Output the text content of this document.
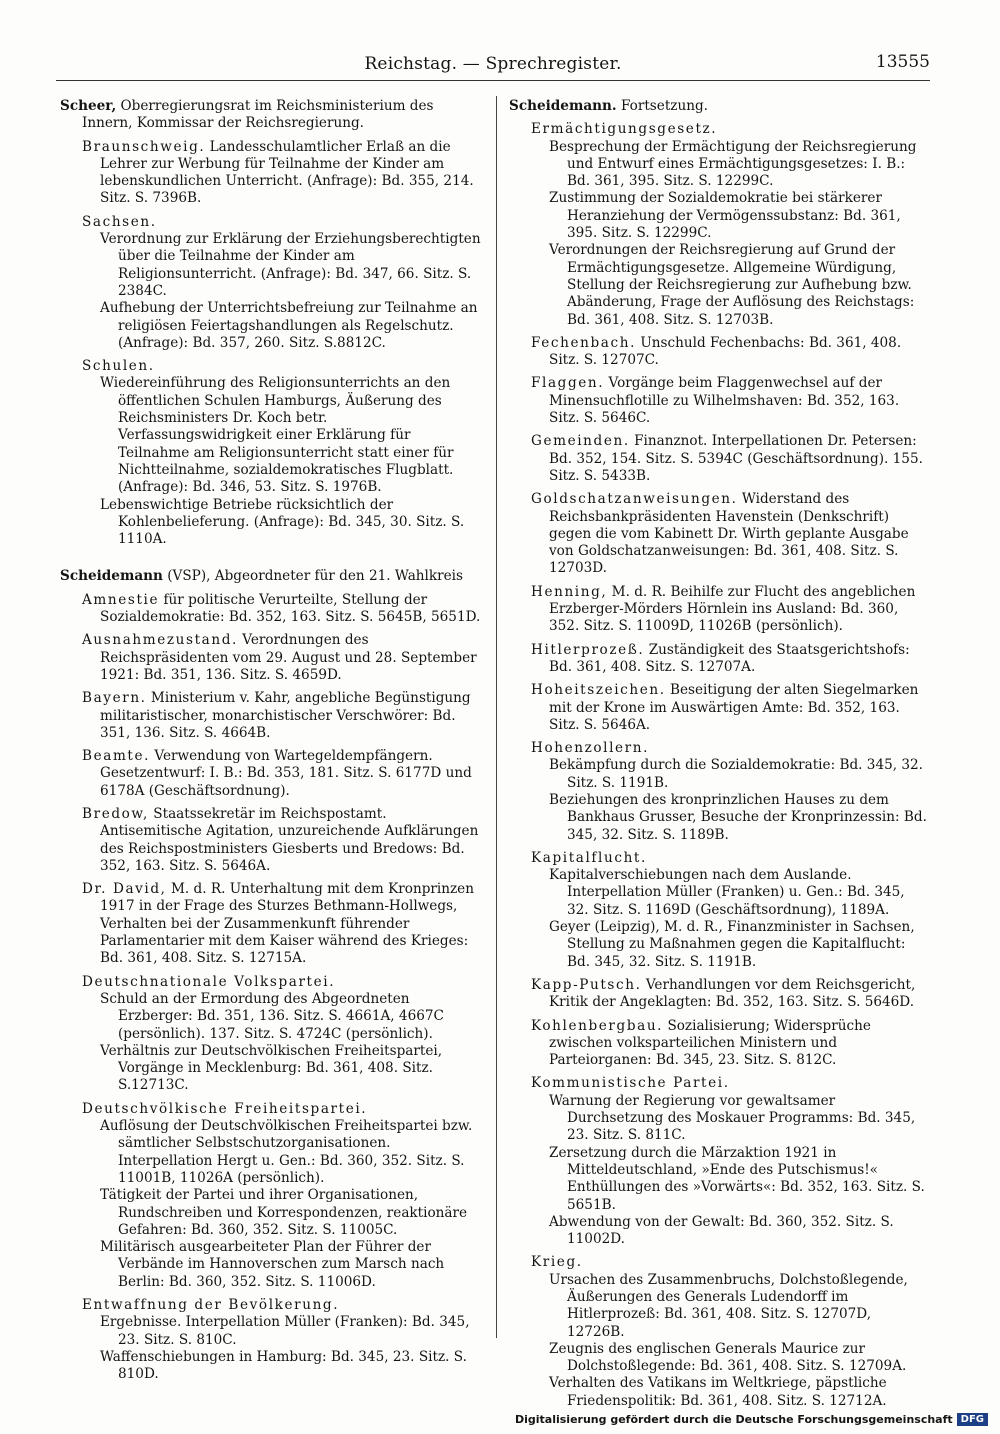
Reichstag. — Sprechregister.	13555
Scheer, Oberregierungsrat im Reichsministerium des Innern, Kommissar der Reichsregierung.
Braunschweig. Landesschulamtlicher Erlaß an die Lehrer zur Werbung für Teilnahme der Kinder am lebenskundlichen Unterricht. (Anfrage): Bd. 355, 214. Sitz. S. 7396B.
Sachsen.
Verordnung zur Erklärung der Erziehungsberechtigten über die Teilnahme der Kinder am Religionsunterricht. (Anfrage): Bd. 347, 66. Sitz. S. 2384C.
Aufhebung der Unterrichtsbefreiung zur Teilnahme an religiösen Feiertagshandlungen als Regelschutz. (Anfrage): Bd. 357, 260. Sitz. S.8812C.
Schulen.
Wiedereinführung des Religionsunterrichts an den öffentlichen Schulen Hamburgs, Äußerung des Reichsministers Dr. Koch betr. Verfassungswidrigkeit einer Erklärung für Teilnahme am Religionsunterricht statt einer für Nichtteilnahme, sozialdemokratisches Flugblatt. (Anfrage): Bd. 346, 53. Sitz. S. 1976B.
Lebenswichtige Betriebe rücksichtlich der Kohlenbelieferung. (Anfrage): Bd. 345, 30. Sitz. S. 1110A.
Scheidemann (VSP), Abgeordneter für den 21. Wahlkreis
Amnestie für politische Verurteilte, Stellung der Sozialdemokratie: Bd. 352, 163. Sitz. S. 5645B, 5651D.
Ausnahmezustand. Verordnungen des Reichspräsidenten vom 29. August und 28. September 1921: Bd. 351, 136. Sitz. S. 4659D.
Bayern. Ministerium v. Kahr, angebliche Begünstigung militaristischer, monarchistischer Verschwörer: Bd. 351, 136. Sitz. S. 4664B.
Beamte. Verwendung von Wartegeldempfängern. Gesetzentwurf: I. B.: Bd. 353, 181. Sitz. S. 6177D und 6178A (Geschäftsordnung).
Bredow, Staatssekretär im Reichspostamt. Antisemitische Agitation, unzureichende Aufklärungen des Reichspostministers Giesberts und Bredows: Bd. 352, 163. Sitz. S. 5646A.
Dr. David, M. d. R. Unterhaltung mit dem Kronprinzen 1917 in der Frage des Sturzes Bethmann-Hollwegs, Verhalten bei der Zusammenkunft führender Parlamentarier mit dem Kaiser während des Krieges: Bd. 361, 408. Sitz. S. 12715A.
Deutschnationale Volkspartei.
Schuld an der Ermordung des Abgeordneten Erzberger: Bd. 351, 136. Sitz. S. 4661A, 4667C (persönlich). 137. Sitz. S. 4724C (persönlich).
Verhältnis zur Deutschvölkischen Freiheitspartei, Vorgänge in Mecklenburg: Bd. 361, 408. Sitz. S.12713C.
Deutschvölkische Freiheitspartei.
Auflösung der Deutschvölkischen Freiheitspartei bzw. sämtlicher Selbstschutzorganisationen. Interpellation Hergt u. Gen.: Bd. 360, 352. Sitz. S. 11001B, 11026A (persönlich).
Tätigkeit der Partei und ihrer Organisationen, Rundschreiben und Korrespondenzen, reaktionäre Gefahren: Bd. 360, 352. Sitz. S. 11005C.
Militärisch ausgearbeiteter Plan der Führer der Verbände im Hannoverschen zum Marsch nach Berlin: Bd. 360, 352. Sitz. S. 11006D.
Entwaffnung der Bevölkerung.
Ergebnisse. Interpellation Müller (Franken): Bd. 345, 23. Sitz. S. 810C.
Waffenschiebungen in Hamburg: Bd. 345, 23. Sitz. S. 810D.
Scheidemann. Fortsetzung.
Ermächtigungsgesetz.
Besprechung der Ermächtigung der Reichsregierung und Entwurf eines Ermächtigungsgesetzes: I. B.: Bd. 361, 395. Sitz. S. 12299C.
Zustimmung der Sozialdemokratie bei stärkerer Heranziehung der Vermögenssubstanz: Bd. 361, 395. Sitz. S. 12299C.
Verordnungen der Reichsregierung auf Grund der Ermächtigungsgesetze. Allgemeine Würdigung, Stellung der Reichsregierung zur Aufhebung bzw. Abänderung, Frage der Auflösung des Reichstags: Bd. 361, 408. Sitz. S. 12703B.
Fechenbach. Unschuld Fechenbachs: Bd. 361, 408. Sitz. S. 12707C.
Flaggen. Vorgänge beim Flaggenwechsel auf der Minensuchflotille zu Wilhelmshaven: Bd. 352, 163. Sitz. S. 5646C.
Gemeinden. Finanznot. Interpellationen Dr. Petersen: Bd. 352, 154. Sitz. S. 5394C (Geschäftsordnung). 155. Sitz. S. 5433B.
Goldschatzanweisungen. Widerstand des Reichsbankpräsidenten Havenstein (Denkschrift) gegen die vom Kabinett Dr. Wirth geplante Ausgabe von Goldschatzanweisungen: Bd. 361, 408. Sitz. S. 12703D.
Henning, M. d. R. Beihilfe zur Flucht des angeblichen Erzberger-Mörders Hörnlein ins Ausland: Bd. 360, 352. Sitz. S. 11009D, 11026B (persönlich).
Hitlerprozeß. Zuständigkeit des Staatsgerichtshofs: Bd. 361, 408. Sitz. S. 12707A.
Hoheitszeichen. Beseitigung der alten Siegelmarken mit der Krone im Auswärtigen Amte: Bd. 352, 163. Sitz. S. 5646A.
Hohenzollern.
Bekämpfung durch die Sozialdemokratie: Bd. 345, 32. Sitz. S. 1191B.
Beziehungen des kronprinzlichen Hauses zu dem Bankhaus Grusser, Besuche der Kronprinzessin: Bd. 345, 32. Sitz. S. 1189B.
Kapitalflucht.
Kapitalverschiebungen nach dem Auslande. Interpellation Müller (Franken) u. Gen.: Bd. 345, 32. Sitz. S. 1169D (Geschäftsordnung), 1189A.
Geyer (Leipzig), M. d. R., Finanzminister in Sachsen, Stellung zu Maßnahmen gegen die Kapitalflucht: Bd. 345, 32. Sitz. S. 1191B.
Kapp-Putsch. Verhandlungen vor dem Reichsgericht, Kritik der Angeklagten: Bd. 352, 163. Sitz. S. 5646D.
Kohlenbergbau. Sozialisierung; Widersprüche zwischen volksparteilichen Ministern und Parteiorganen: Bd. 345, 23. Sitz. S. 812C.
Kommunistische Partei.
Warnung der Regierung vor gewaltsamer Durchsetzung des Moskauer Programms: Bd. 345, 23. Sitz. S. 811C.
Zersetzung durch die Märzaktion 1921 in Mitteldeutschland, »Ende des Putschismus!« Enthüllungen des »Vorwärts«: Bd. 352, 163. Sitz. S. 5651B.
Abwendung von der Gewalt: Bd. 360, 352. Sitz. S. 11002D.
Krieg.
Ursachen des Zusammenbruchs, Dolchstoßlegende, Äußerungen des Generals Ludendorff im Hitlerprozeß: Bd. 361, 408. Sitz. S. 12707D, 12726B.
Zeugnis des englischen Generals Maurice zur Dolchstoßlegende: Bd. 361, 408. Sitz. S. 12709A.
Verhalten des Vatikans im Weltkriege, päpstliche Friedenspolitik: Bd. 361, 408. Sitz. S. 12712A.
Digitalisierung gefördert durch die Deutsche Forschungsgemeinschaft DFG
